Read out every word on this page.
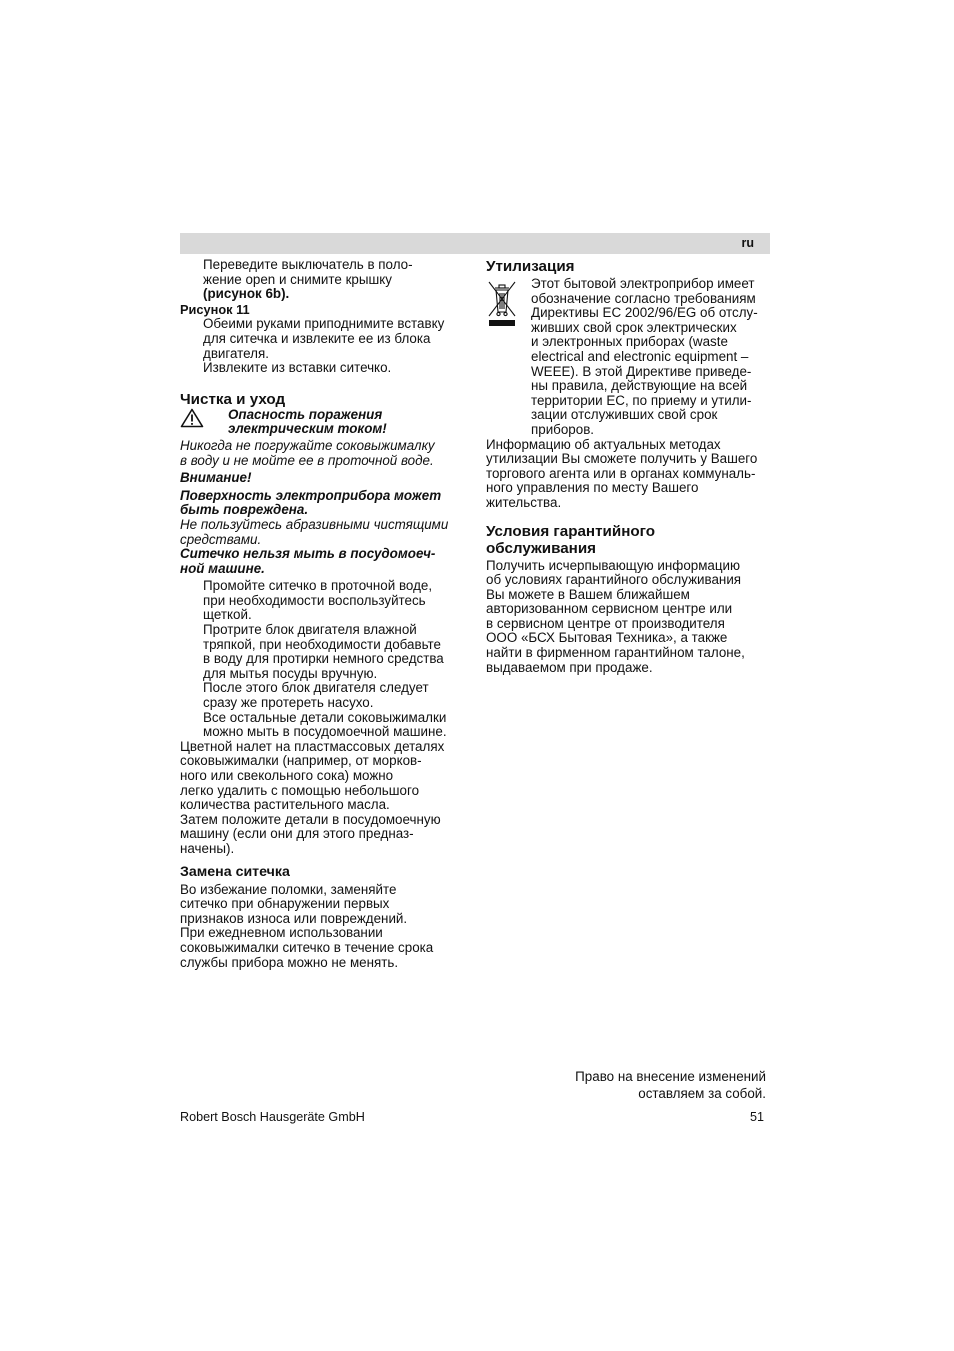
ru

Переведите выключатель в поло-

жение open и снимите крышку

(рисунок 6b).

Рисунок 11

Обеими руками приподнимите вставку

для ситечка и извлеките ее из блока

двигателя.

Извлеките из вставки ситечко.

Чистка и уход

Опасность поражения

электрическим током!

Никогда не погружайте соковыжималку

в воду и не мойте ее в проточной воде.

Внимание!

Поверхность электроприбора может

быть повреждена.

Не пользуйтесь абразивными чистящими

средствами.

Ситечко нельзя мыть в посудомоеч-

ной машине.

Промойте ситечко в проточной воде,

при необходимости воспользуйтесь

щеткой.

Протрите блок двигателя влажной

тряпкой, при необходимости добавьте

в воду для протирки немного средства

для мытья посуды вручную.

После этого блок двигателя следует

сразу же протереть насухо.

Все остальные детали соковыжималки

можно мыть в посудомоечной машине.

Цветной налет на пластмассовых деталях

соковыжималки (например, от морков-

ного или свекольного сока) можно

легко удалить с помощью небольшого

количества растительного масла.

Затем положите детали в посудомоечную

машину (если они для этого предназ-

начены).

Замена ситечка

Во избежание поломки, заменяйте

ситечко при обнаружении первых

признаков износа или повреждений.

При ежедневном использовании

соковыжималки ситечко в течение срока

службы прибора можно не менять.

Утилизация

Этот бытовой электроприбор имеет

обозначение согласно требованиям

Директивы ЕС 2002/96/EG об отслу-

живших свой срок электрических

и электронных приборах (waste

electrical and electronic equipment –

WEEE). В этой Директиве приведе-

ны правила, действующие на всей

территории ЕС, по приему и утили-

зации отслуживших свой срок

приборов.

Информацию об актуальных методах

утилизации Вы сможете получить у Вашего

торгового агента или в органах коммуналь-

ного управления по месту Вашего

жительства.

Условия гарантийного
обслуживания

Получить исчерпывающую информацию

об условиях гарантийного обслуживания

Вы можете в Вашем ближайшем

авторизованном сервисном центре или

в сервисном центре от производителя

ООО «БСХ Бытовая Техника», а также

найти в фирменном гарантийном талоне,

выдаваемом при продаже.

Право на внесение изменений
оставляем за собой.
Robert Bosch Hausgeräte GmbH	51
